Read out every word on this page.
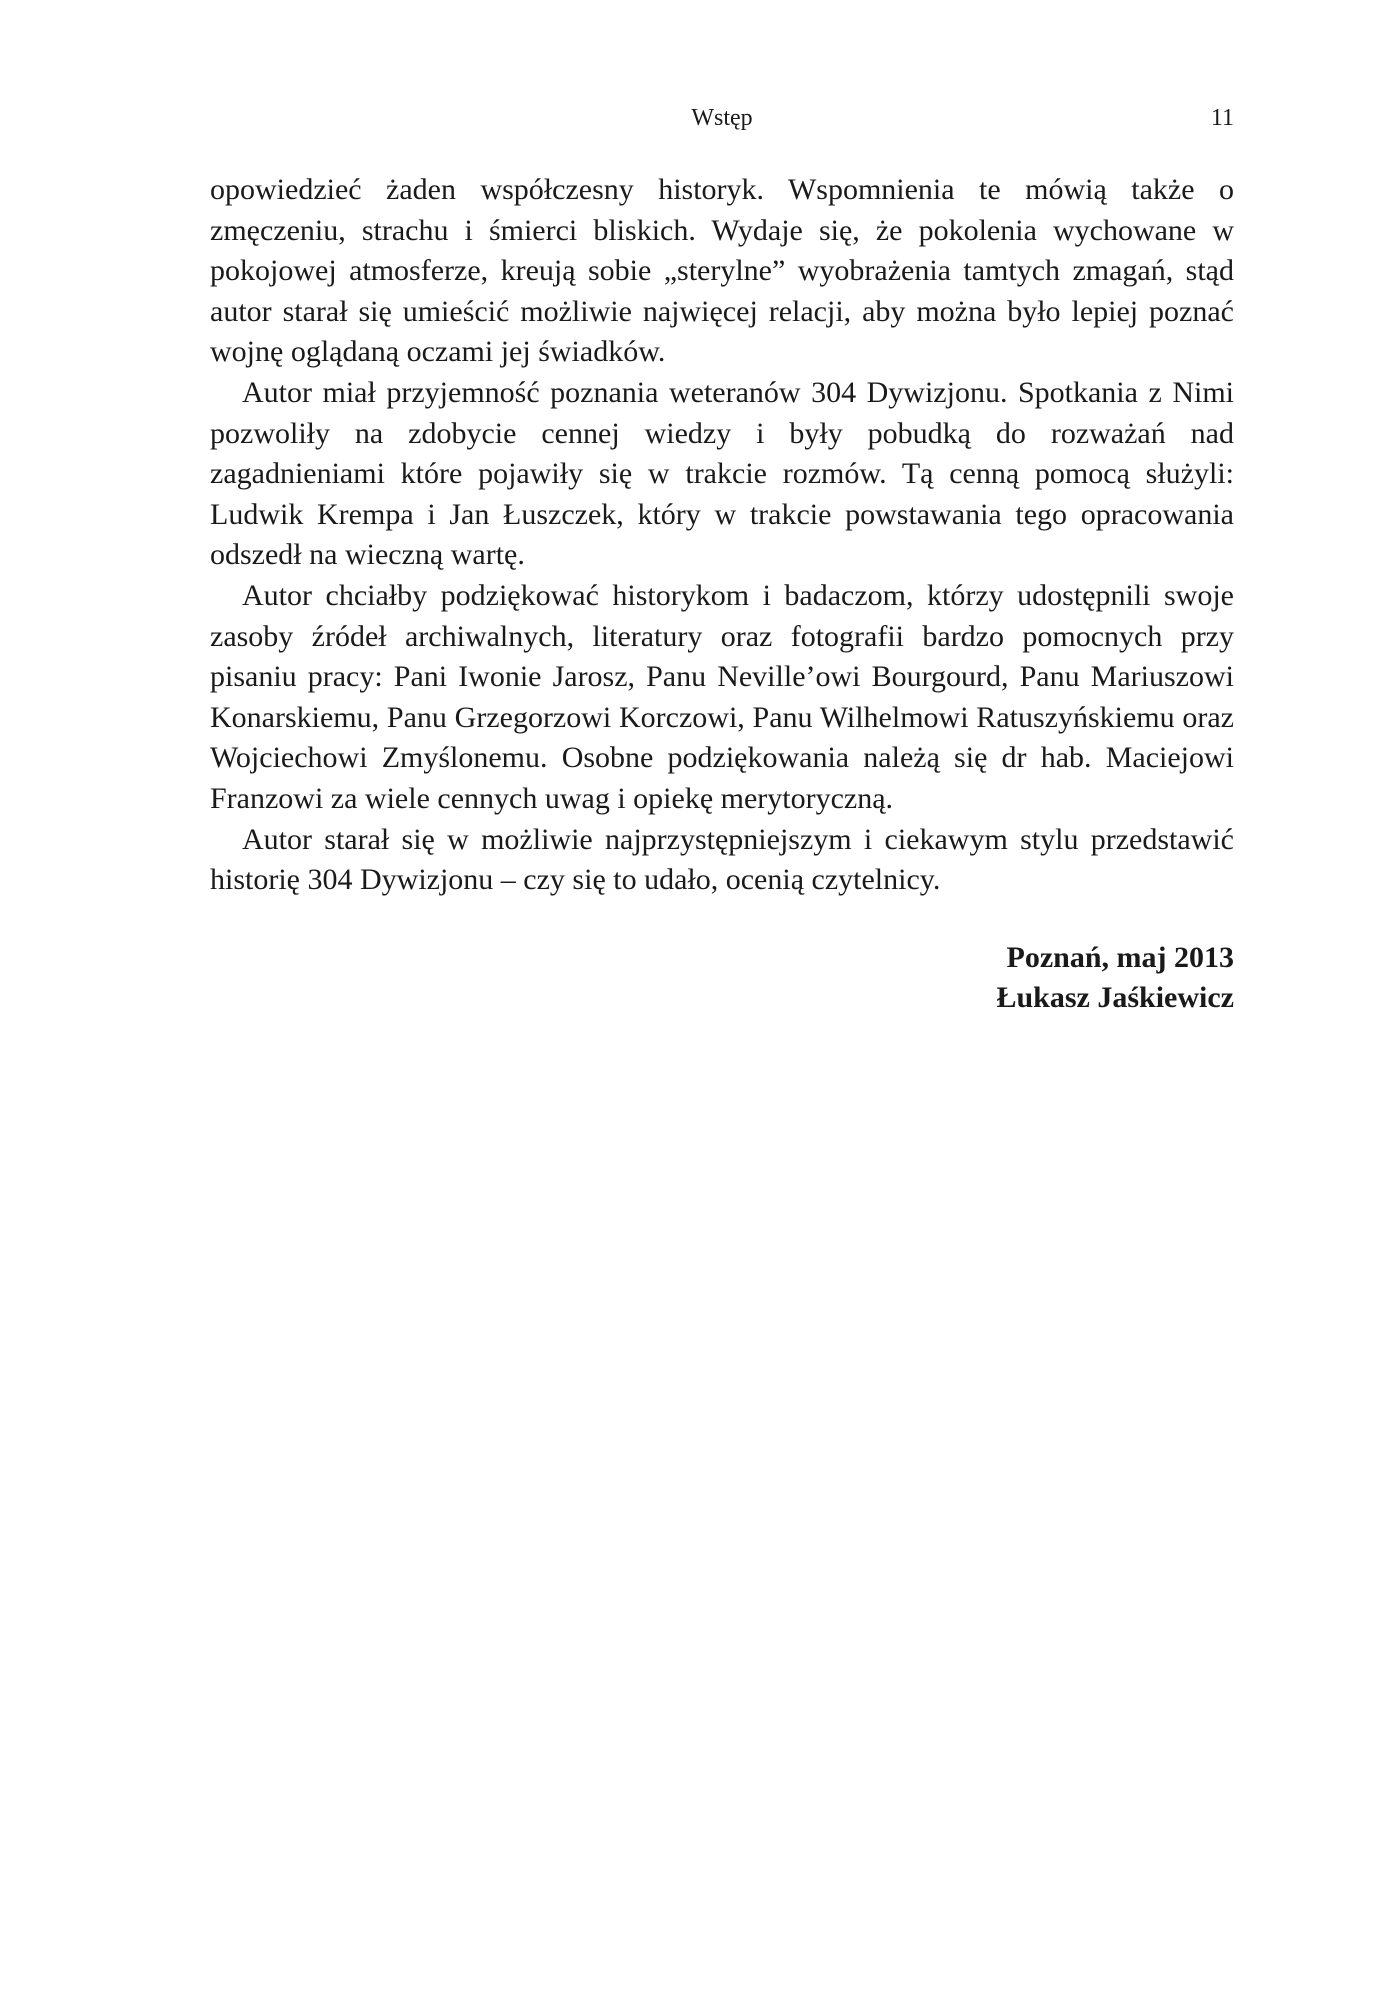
Wstęp	11

opowiedzieć żaden współczesny historyk. Wspomnienia te mówią także o zmęczeniu, strachu i śmierci bliskich. Wydaje się, że pokolenia wychowane w pokojowej atmosferze, kreują sobie „sterylne” wyobrażenia tamtych zmagań, stąd autor starał się umieścić możliwie najwięcej relacji, aby można było lepiej poznać wojnę oglądaną oczami jej świadków.

Autor miał przyjemność poznania weteranów 304 Dywizjonu. Spotkania z Nimi pozwoliły na zdobycie cennej wiedzy i były pobudką do rozważań nad zagadnieniami które pojawiły się w trakcie rozmów. Tą cenną pomocą służyli: Ludwik Krempa i Jan Łuszczek, który w trakcie powstawania tego opracowania odszedł na wieczną wartę.

Autor chciałby podziękować historykom i badaczom, którzy udostępnili swoje zasoby źródeł archiwalnych, literatury oraz fotografii bardzo pomocnych przy pisaniu pracy: Pani Iwonie Jarosz, Panu Neville’owi Bourgourd, Panu Mariuszowi Konarskiemu, Panu Grzegorzowi Korczowi, Panu Wilhelmowi Ratuszyńskiemu oraz Wojciechowi Zmyślonemu. Osobne podziękowania należą się dr hab. Maciejowi Franzowi za wiele cennych uwag i opiekę merytoryczną.

Autor starał się w możliwie najprzystępniejszym i ciekawym stylu przedstawić historię 304 Dywizjonu – czy się to udało, ocenią czytelnicy.

Poznań, maj 2013
Łukasz Jaśkiewicz
